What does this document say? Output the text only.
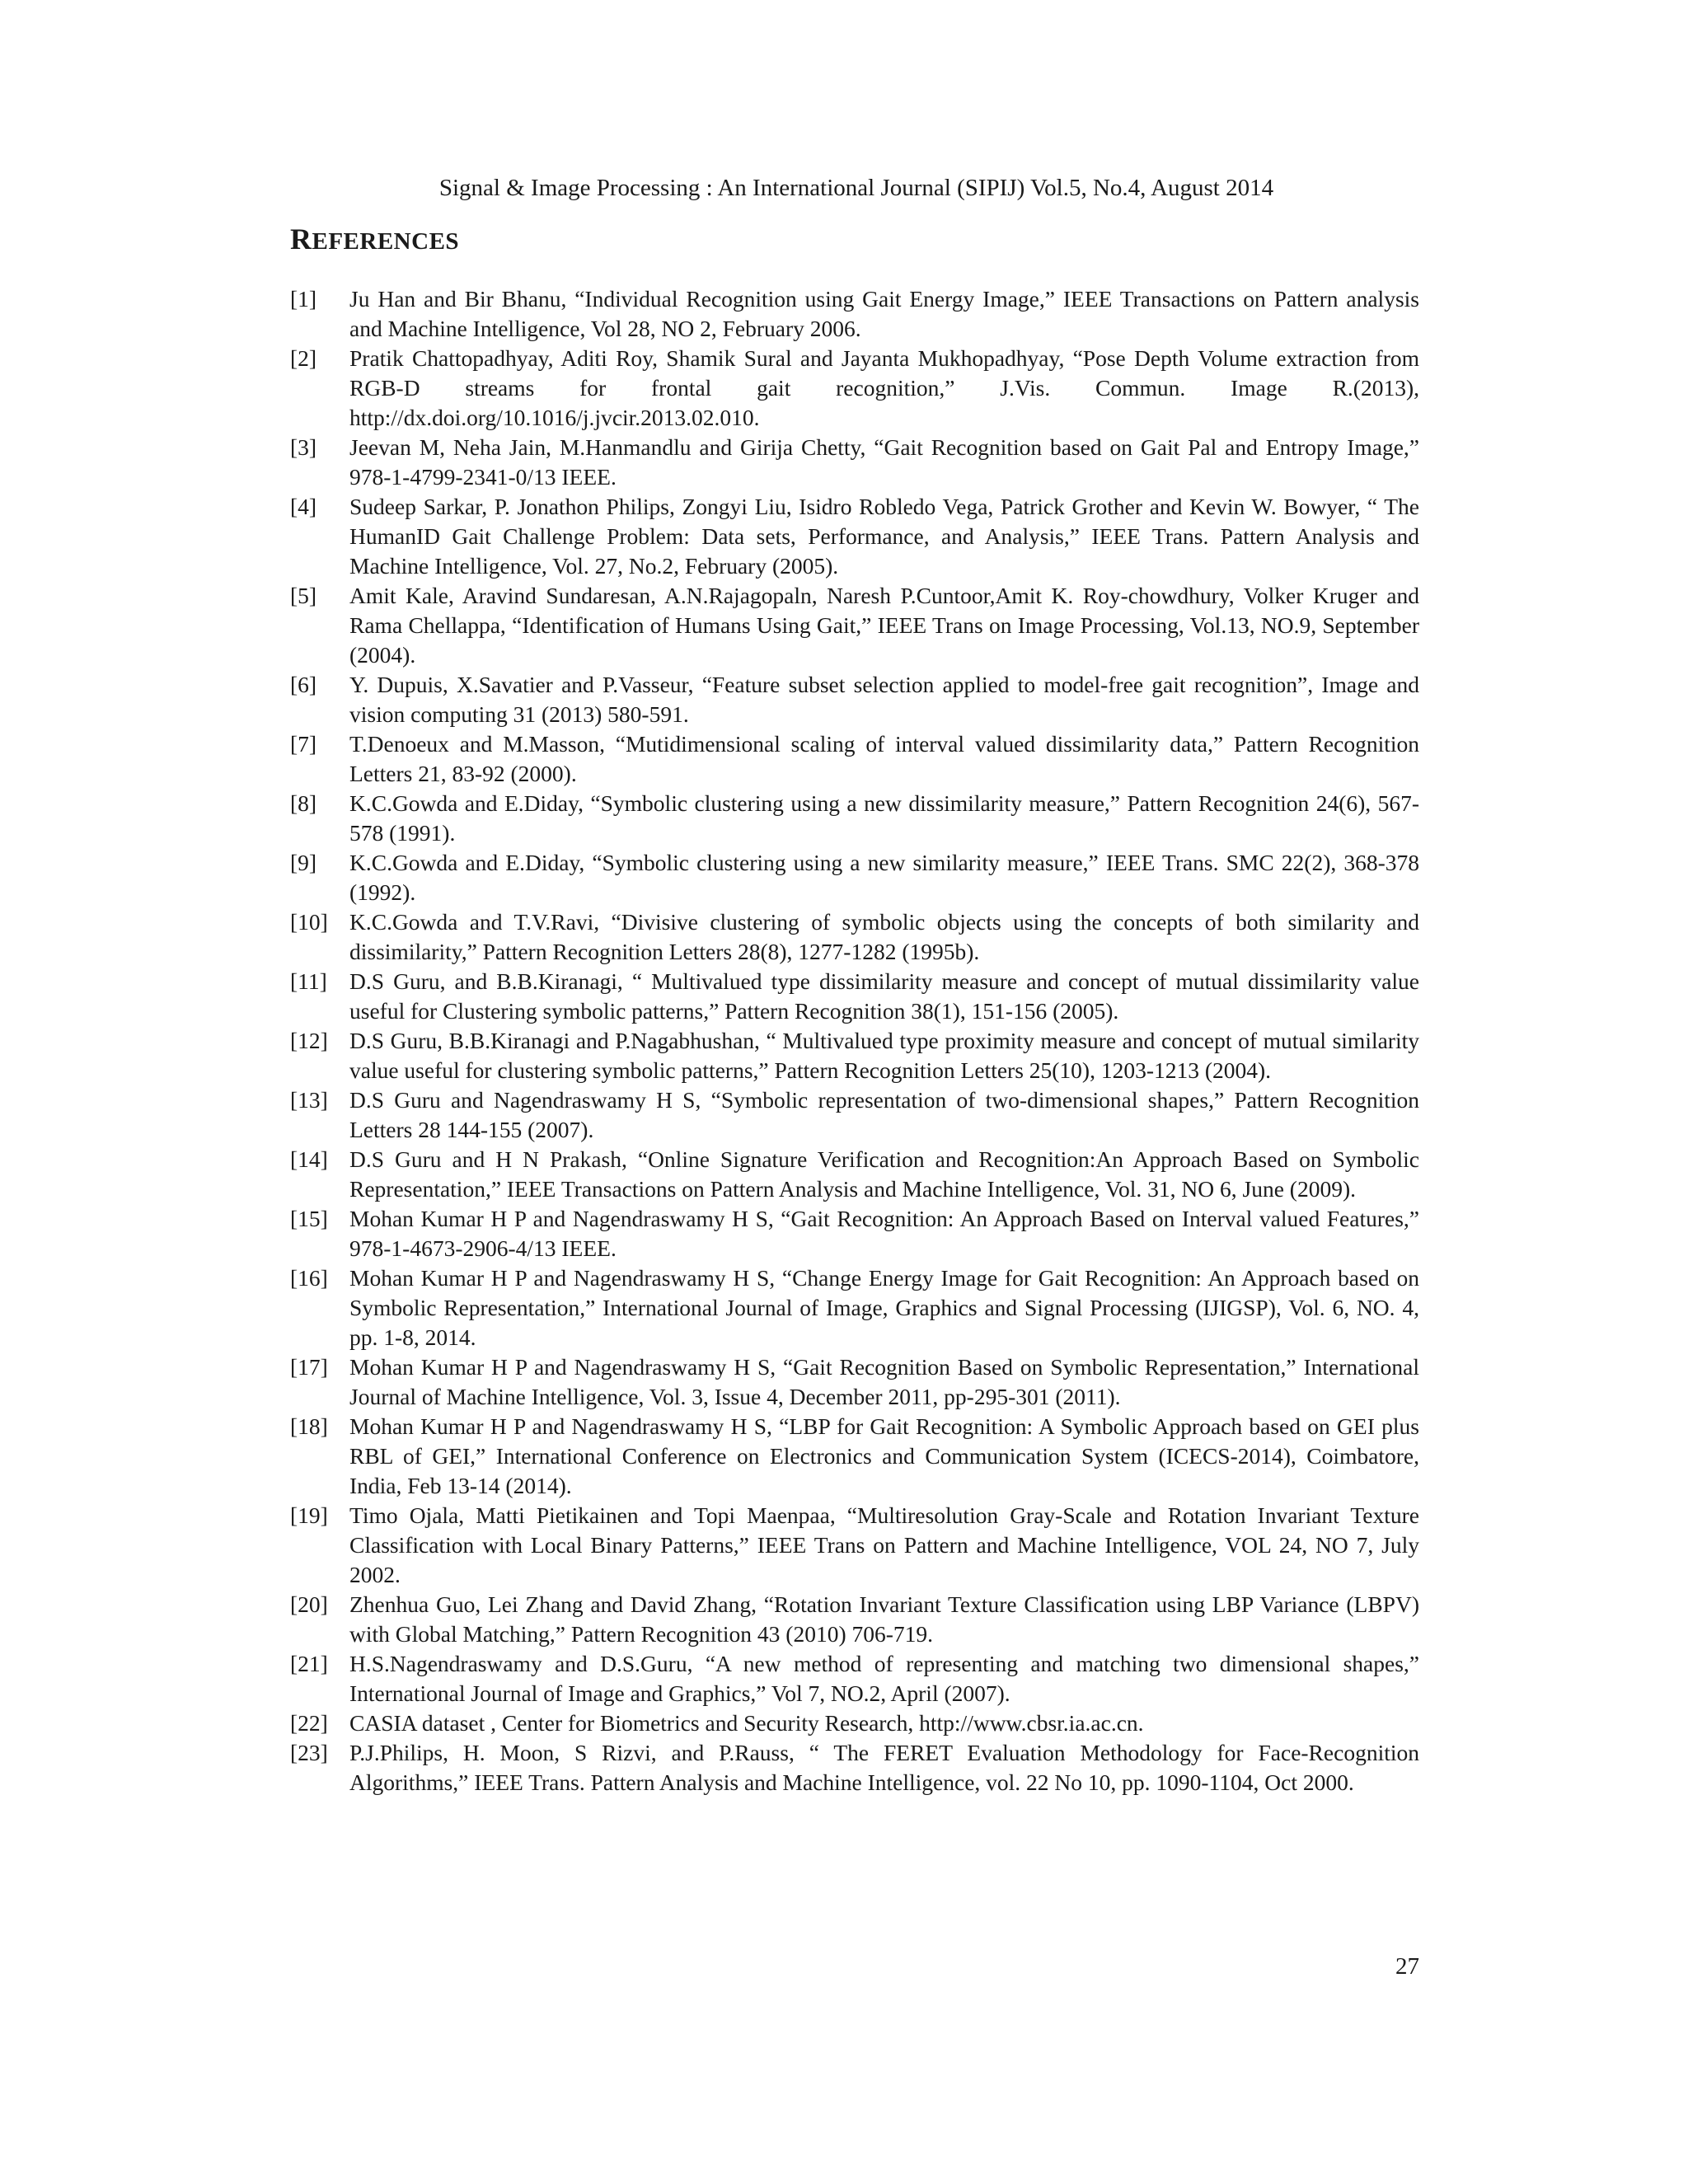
Signal & Image Processing : An International Journal (SIPIJ) Vol.5, No.4, August 2014
REFERENCES
[1]	Ju Han and Bir Bhanu, “Individual Recognition using Gait Energy Image,” IEEE Transactions on Pattern analysis and Machine Intelligence, Vol 28, NO 2, February 2006.
[2]	Pratik Chattopadhyay, Aditi Roy, Shamik Sural and Jayanta Mukhopadhyay, “Pose Depth Volume extraction from RGB-D streams for frontal gait recognition,” J.Vis. Commun. Image R.(2013), http://dx.doi.org/10.1016/j.jvcir.2013.02.010.
[3]	Jeevan M, Neha Jain, M.Hanmandlu and Girija Chetty, “Gait Recognition based on Gait Pal and Entropy Image,” 978-1-4799-2341-0/13 IEEE.
[4]	Sudeep Sarkar, P. Jonathon Philips, Zongyi Liu, Isidro Robledo Vega, Patrick Grother and Kevin W. Bowyer, “ The HumanID Gait Challenge Problem: Data sets, Performance, and Analysis,” IEEE Trans. Pattern Analysis and Machine Intelligence, Vol. 27, No.2, February (2005).
[5]	Amit Kale, Aravind Sundaresan, A.N.Rajagopaln, Naresh P.Cuntoor,Amit K. Roy-chowdhury, Volker Kruger and Rama Chellappa, “Identification of Humans Using Gait,” IEEE Trans on Image Processing, Vol.13, NO.9, September (2004).
[6]	Y. Dupuis, X.Savatier and P.Vasseur, “Feature subset selection applied to model-free gait recognition”, Image and vision computing 31 (2013) 580-591.
[7]	T.Denoeux and M.Masson, “Mutidimensional scaling of interval valued dissimilarity data,” Pattern Recognition Letters 21, 83-92 (2000).
[8]	K.C.Gowda and E.Diday, “Symbolic clustering using a new dissimilarity measure,” Pattern Recognition 24(6), 567-578 (1991).
[9]	K.C.Gowda and E.Diday, “Symbolic clustering using a new similarity measure,” IEEE Trans. SMC 22(2), 368-378 (1992).
[10] K.C.Gowda and T.V.Ravi, “Divisive clustering of symbolic objects using the concepts of both similarity and dissimilarity,” Pattern Recognition Letters 28(8), 1277-1282 (1995b).
[11] D.S Guru, and B.B.Kiranagi, “ Multivalued type dissimilarity measure and concept of mutual dissimilarity value useful for Clustering symbolic patterns,” Pattern Recognition 38(1), 151-156 (2005).
[12] D.S Guru, B.B.Kiranagi and P.Nagabhushan, “ Multivalued type proximity measure and concept of mutual similarity value useful for clustering symbolic patterns,” Pattern Recognition Letters 25(10), 1203-1213 (2004).
[13] D.S Guru and Nagendraswamy H S, “Symbolic representation of two-dimensional shapes,” Pattern Recognition Letters 28 144-155 (2007).
[14] D.S Guru and H N Prakash, “Online Signature Verification and Recognition:An Approach Based on Symbolic Representation,” IEEE Transactions on Pattern Analysis and Machine Intelligence, Vol. 31, NO 6, June (2009).
[15] Mohan Kumar H P and Nagendraswamy H S, “Gait Recognition: An Approach Based on Interval valued Features,” 978-1-4673-2906-4/13 IEEE.
[16] Mohan Kumar H P and Nagendraswamy H S, “Change Energy Image for Gait Recognition: An Approach based on Symbolic Representation,” International Journal of Image, Graphics and Signal Processing (IJIGSP), Vol. 6, NO. 4, pp. 1-8, 2014.
[17] Mohan Kumar H P and Nagendraswamy H S, “Gait Recognition Based on Symbolic Representation,” International Journal of Machine Intelligence, Vol. 3, Issue 4, December 2011, pp-295-301 (2011).
[18] Mohan Kumar H P and Nagendraswamy H S, “LBP for Gait Recognition: A Symbolic Approach based on GEI plus RBL of GEI,” International Conference on Electronics and Communication System (ICECS-2014), Coimbatore, India, Feb 13-14 (2014).
[19] Timo Ojala, Matti Pietikainen and Topi Maenpaa, “Multiresolution Gray-Scale and Rotation Invariant Texture Classification with Local Binary Patterns,” IEEE Trans on Pattern and Machine Intelligence, VOL 24, NO 7, July 2002.
[20] Zhenhua Guo, Lei Zhang and David Zhang, “Rotation Invariant Texture Classification using LBP Variance (LBPV) with Global Matching,” Pattern Recognition 43 (2010) 706-719.
[21] H.S.Nagendraswamy and D.S.Guru, “A new method of representing and matching two dimensional shapes,” International Journal of Image and Graphics,” Vol 7, NO.2, April (2007).
[22] CASIA dataset , Center for Biometrics and Security Research, http://www.cbsr.ia.ac.cn.
[23] P.J.Philips, H. Moon, S Rizvi, and P.Rauss, “ The FERET Evaluation Methodology for Face-Recognition Algorithms,” IEEE Trans. Pattern Analysis and Machine Intelligence, vol. 22 No 10, pp. 1090-1104, Oct 2000.
27
